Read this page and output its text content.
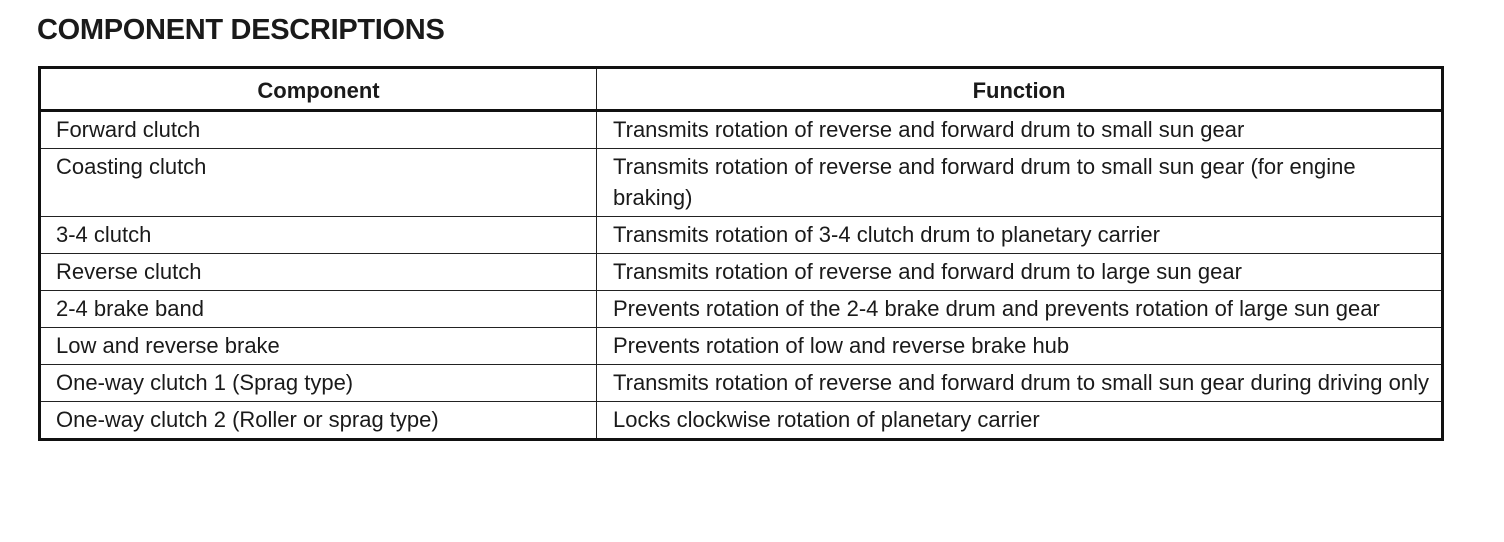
COMPONENT DESCRIPTIONS
Component	Function
Forward clutch	Transmits rotation of reverse and forward drum to small sun gear
Coasting clutch	Transmits rotation of reverse and forward drum to small sun gear (for engine braking)
3-4 clutch	Transmits rotation of 3-4 clutch drum to planetary carrier
Reverse clutch	Transmits rotation of reverse and forward drum to large sun gear
2-4 brake band	Prevents rotation of the 2-4 brake drum and prevents rotation of large sun gear
Low and reverse brake	Prevents rotation of low and reverse brake hub
One-way clutch 1 (Sprag type)	Transmits rotation of reverse and forward drum to small sun gear during driving only
One-way clutch 2 (Roller or sprag type)	Locks clockwise rotation of planetary carrier
